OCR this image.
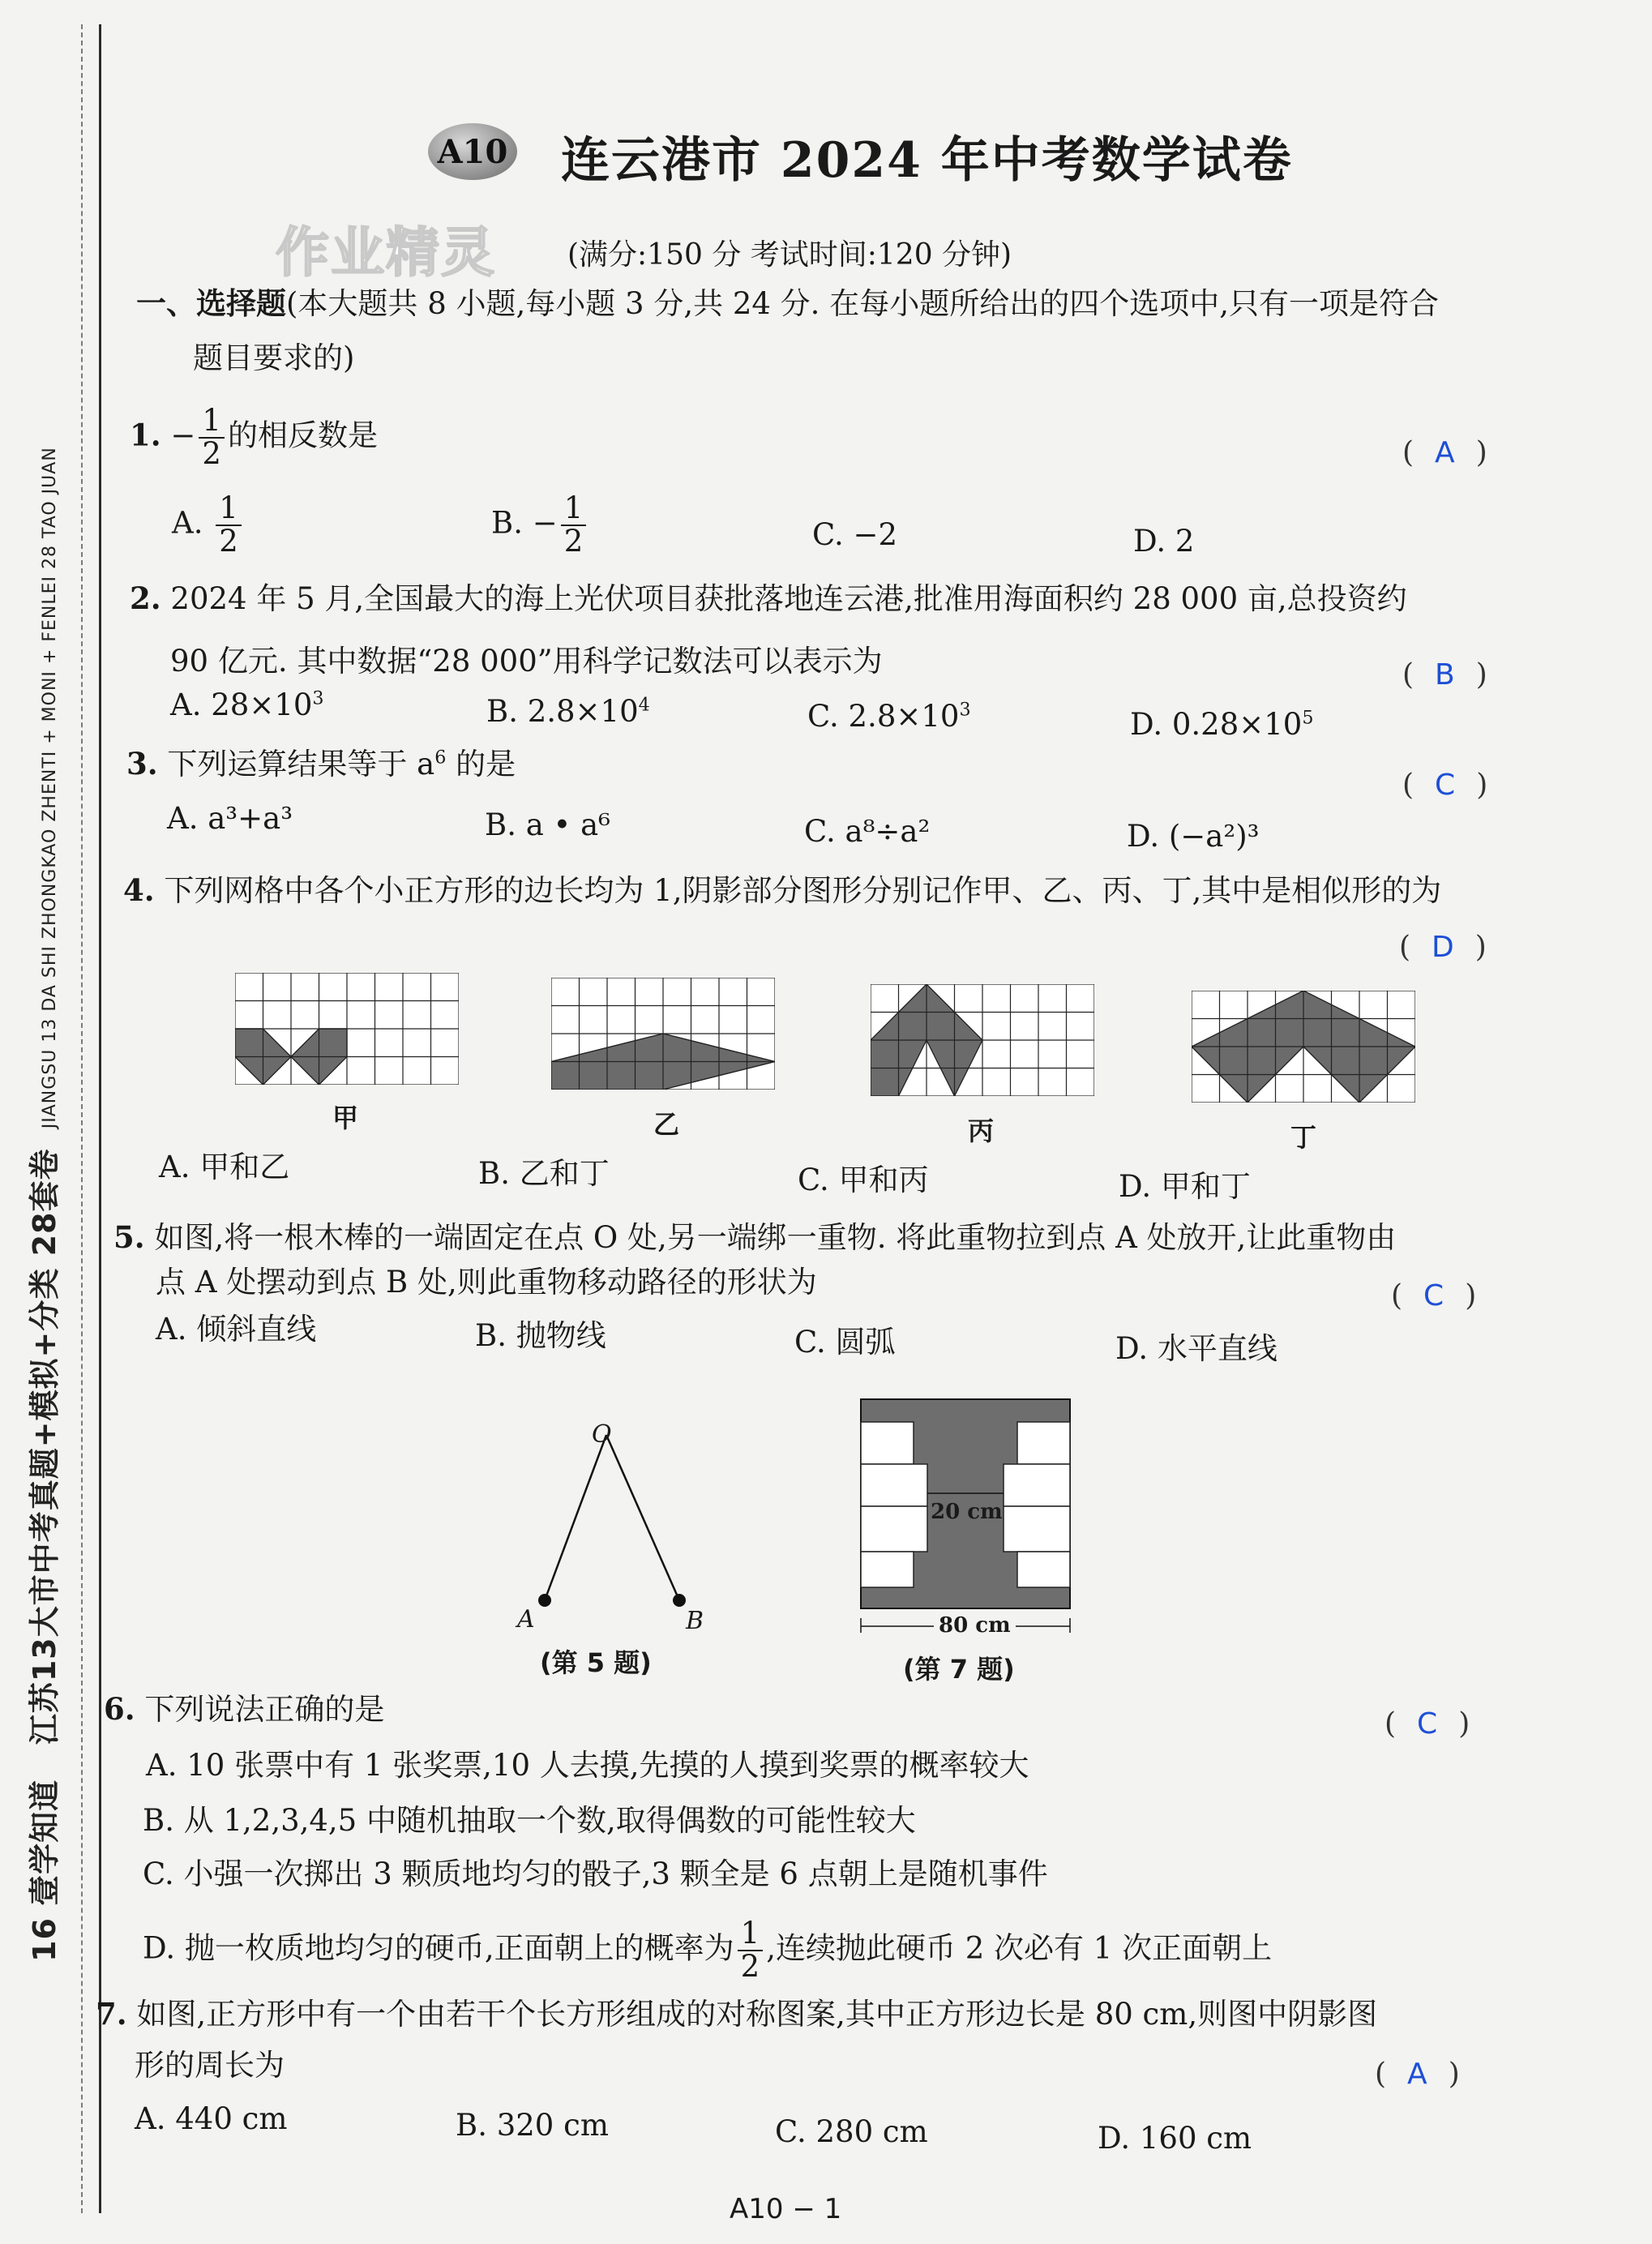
16 壹学知道   江苏13大市中考真题+模拟+分类 28套卷 JIANGSU 13 DA SHI ZHONGKAO ZHENTI + MONI + FENLEI 28 TAO JUAN
作业精灵
A10 连云港市 2024 年中考数学试卷
(满分:150 分 考试时间:120 分钟)
一、选择题(本大题共 8 小题,每小题 3 分,共 24 分. 在每小题所给出的四个选项中,只有一项是符合
题目要求的)
1. − $\frac{1}{2}$ 的相反数是
( A )
A. $\frac{1}{2}$	B. − $\frac{1}{2}$	C. −2	D. 2
2. 2024 年 5 月,全国最大的海上光伏项目获批落地连云港,批准用海面积约 28 000 亩,总投资约
90 亿元. 其中数据“28 000”用科学记数法可以表示为	( B )
A. $28\times 10^3$	B. $2.8\times 10^4$	C. $2.8\times 10^3$	D. $0.28\times 10^5$
3. 下列运算结果等于 $a^6$ 的是
( C )
A. a³+a³	B. a • a⁶	C. a⁸÷a²	D. (−a²)³
4. 下列网格中各个小正方形的边长均为 1,阴影部分图形分别记作甲、乙、丙、丁,其中是相似形的为
( D )
甲	乙	丙	丁
A. 甲和乙	B. 乙和丁	C. 甲和丙	D. 甲和丁
5. 如图,将一根木棒的一端固定在点 O 处,另一端绑一重物. 将此重物拉到点 A 处放开,让此重物由
点 A 处摆动到点 B 处,则此重物移动路径的形状为	( C )
A. 倾斜直线	B. 抛物线	C. 圆弧	D. 水平直线
O
A	B
(第 5 题)
20 cm
80 cm
(第 7 题)
6. 下列说法正确的是	( C )
A. 10 张票中有 1 张奖票,10 人去摸,先摸的人摸到奖票的概率较大
B. 从 1,2,3,4,5 中随机抽取一个数,取得偶数的可能性较大
C. 小强一次掷出 3 颗质地均匀的骰子,3 颗全是 6 点朝上是随机事件
D. 抛一枚质地均匀的硬币,正面朝上的概率为 $\frac{1}{2}$ ,连续抛此硬币 2 次必有 1 次正面朝上
7. 如图,正方形中有一个由若干个长方形组成的对称图案,其中正方形边长是 80 cm,则图中阴影图
形的周长为	( A )
A. 440 cm	B. 320 cm	C. 280 cm	D. 160 cm
A10 − 1
